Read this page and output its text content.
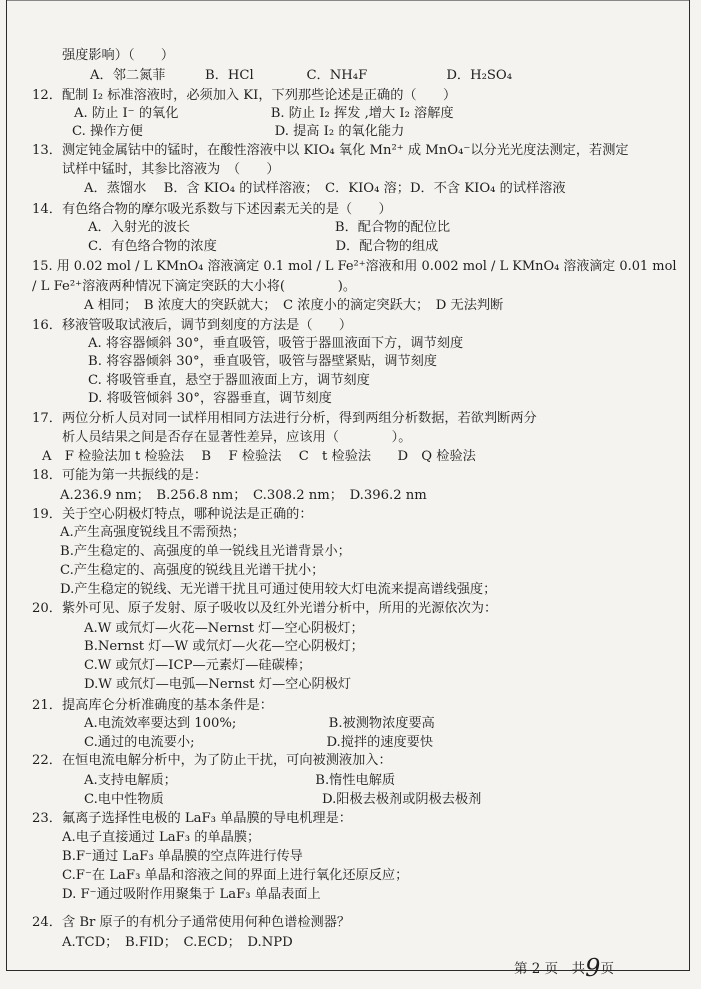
强度影响）（　　）
A．邻二氮菲　　　B．HCl　　　　C．NH₄F　　　　　　D．H₂SO₄
12．配制 I₂ 标准溶液时，必须加入 KI，下列那些论述是正确的（　　）
A. 防止 I⁻ 的氧化　　　　　　　B. 防止 I₂ 挥发 ,增大 I₂ 溶解度
C. 操作方便　　　　　　　　　　D. 提高 I₂ 的氧化能力
13．测定钝金属钴中的锰时，在酸性溶液中以 KIO₄ 氧化 Mn²⁺ 成 MnO₄⁻以分光光度法测定，若测定
试样中锰时，其参比溶液为　（　　）
A．蒸馏水　 B．含 KIO₄ 的试样溶液；　C．KIO₄ 溶；D．不含 KIO₄ 的试样溶液
14．有色络合物的摩尔吸光系数与下述因素无关的是（　　）
A．入射光的波长　　　　　　　　　　　B．配合物的配位比
C．有色络合物的浓度　　　　　　　　　D．配合物的组成
15. 用 0.02 mol / L KMnO₄ 溶液滴定 0.1 mol / L Fe²⁺溶液和用 0.002 mol / L KMnO₄ 溶液滴定 0.01 mol
/ L Fe²⁺溶液两种情况下滴定突跃的大小将(　　　　)。
A 相同；　B 浓度大的突跃就大；　C 浓度小的滴定突跃大；　D 无法判断
16．移液管吸取试液后，调节到刻度的方法是（　　）
A. 将容器倾斜 30°，垂直吸管，吸管于器皿液面下方，调节刻度
B. 将容器倾斜 30°，垂直吸管，吸管与器壁紧贴，调节刻度
C. 将吸管垂直，悬空于器皿液面上方，调节刻度
D. 将吸管倾斜 30°，容器垂直，调节刻度
17．两位分析人员对同一试样用相同方法进行分析，得到两组分析数据，若欲判断两分
析人员结果之间是否存在显著性差异，应该用（　　　　）。
A　F 检验法加 t 检验法　 B　 F 检验法　 C　t 检验法　　D　Q 检验法
18．可能为第一共振线的是：
A.236.9 nm；　B.256.8 nm；　C.308.2 nm；　D.396.2 nm
19．关于空心阴极灯特点，哪种说法是正确的：
A.产生高强度锐线且不需预热；
B.产生稳定的、高强度的单一锐线且光谱背景小；
C.产生稳定的、高强度的锐线且光谱干扰小；
D.产生稳定的锐线、无光谱干扰且可通过使用较大灯电流来提高谱线强度；
20．紫外可见、原子发射、原子吸收以及红外光谱分析中，所用的光源依次为：
A.W 或氘灯—火花—Nernst 灯—空心阴极灯；
B.Nernst 灯—W 或氘灯—火花—空心阴极灯；
C.W 或氘灯—ICP—元素灯—硅碳棒；
D.W 或氘灯—电弧—Nernst 灯—空心阴极灯
21．提高库仑分析准确度的基本条件是：
A.电流效率要达到 100%;　　　　　　　B.被测物浓度要高
C.通过的电流要小;　　　　　　　　　　D.搅拌的速度要快
22．在恒电流电解分析中，为了防止干扰，可向被测液加入：
A.支持电解质；　　　　　　　　　　　B.惰性电解质
C.电中性物质　　　　　　　　　　　　D.阳极去极剂或阴极去极剂
23．氟离子选择性电极的 LaF₃ 单晶膜的导电机理是：
A.电子直接通过 LaF₃ 的单晶膜；
B.F⁻通过 LaF₃ 单晶膜的空点阵进行传导
C.F⁻在 LaF₃ 单晶和溶液之间的界面上进行氧化还原反应；
D. F⁻通过吸附作用聚集于 LaF₃ 单晶表面上
24．含 Br 原子的有机分子通常使用何种色谱检测器？
A.TCD；　B.FID；　C.ECD；　D.NPD
第 2 页　共9页
